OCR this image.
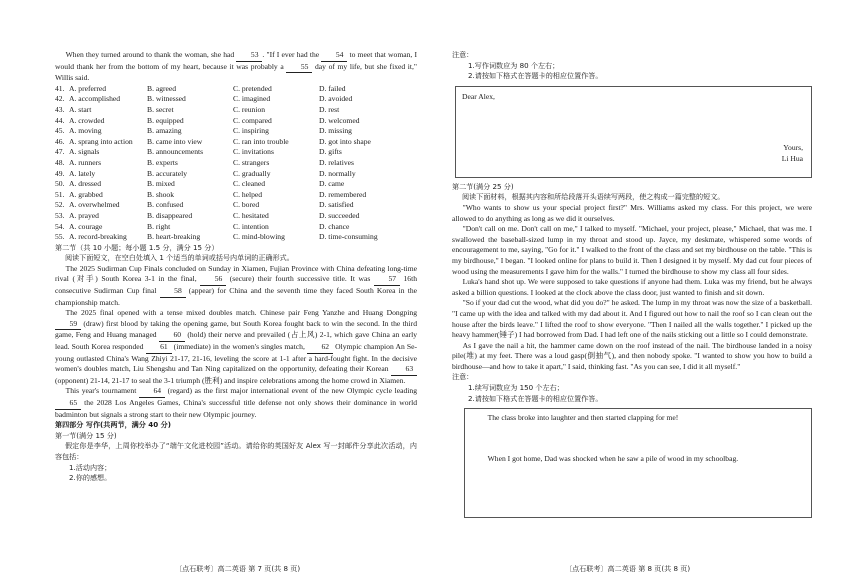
When they turned around to thank the woman, she had 53 . "If I ever had the 54 to meet that woman, I would thank her from the bottom of my heart, because it was probably a 55 day of my life, but she fixed it," Willis said.

41. A. preferred	B. agreed	C. pretended	D. failed
42. A. accomplished	B. witnessed	C. imagined	D. avoided
43. A. start	B. secret	C. reunion	D. rest
44. A. crowded	B. equipped	C. compared	D. welcomed
45. A. moving	B. amazing	C. inspiring	D. missing
46. A. sprang into action	B. came into view	C. ran into trouble	D. got into shape
47. A. signals	B. announcements	C. invitations	D. gifts
48. A. runners	B. experts	C. strangers	D. relatives
49. A. lately	B. accurately	C. gradually	D. normally
50. A. dressed	B. mixed	C. cleaned	D. came
51. A. grabbed	B. shook	C. helped	D. remembered
52. A. overwhelmed	B. confused	C. bored	D. satisfied
53. A. prayed	B. disappeared	C. hesitated	D. succeeded
54. A. courage	B. right	C. intention	D. chance
55. A. record-breaking	B. heart-breaking	C. mind-blowing	D. time-consuming

第二节（共 10 小题；每小题 1.5 分，满分 15 分）

阅读下面短文，在空白处填入 1 个适当的单词或括号内单词的正确形式。

The 2025 Sudirman Cup Finals concluded on Sunday in Xiamen, Fujian Province with China defeating long-time rival (对手) South Korea 3-1 in the final, 56 (secure) their fourth successive title. It was 57 16th consecutive Sudirman Cup final 58 (appear) for China and the seventh time they faced South Korea in the championship match.

The 2025 final opened with a tense mixed doubles match. Chinese pair Feng Yanzhe and Huang Dongping 59 (draw) first blood by taking the opening game, but South Korea fought back to win the second. In the third game, Feng and Huang managed 60 (hold) their nerve and prevailed (占上风) 2-1, which gave China an early lead. South Korea responded 61 (immediate) in the women's singles match, 62 Olympic champion An Se-young outlasted China's Wang Zhiyi 21-17, 21-16, leveling the score at 1-1 after a hard-fought fight. In the decisive women's doubles match, Liu Shengshu and Tan Ning capitalized on the opportunity, defeating their Korean 63 (opponent) 21-14, 21-17 to seal the 3-1 triumph (胜利) and inspire celebrations among the home crowd in Xiamen.

This year's tournament 64 (regard) as the first major international event of the new Olympic cycle leading 65 the 2028 Los Angeles Games, China's successful title defense not only shows their dominance in world badminton but signals a strong start to their new Olympic journey.

第四部分 写作(共两节，满分 40 分)

第一节(满分 15 分)

假定你是李华，上周你校举办了“端午文化进校园”活动。请给你的英国好友 Alex 写一封邮件分享此次活动，内容包括：

1.活动内容；

2.你的感想。

注意：

1.写作词数应为 80 个左右；

2.请按如下格式在答题卡的相应位置作答。

Dear Alex,

Yours,

Li Hua

第二节(满分 25 分)

阅读下面材料，根据其内容和所给段落开头语续写两段，使之构成一篇完整的短文。

"Who wants to show us your special project first?" Mrs. Williams asked my class. For this project, we were allowed to do anything as long as we did it ourselves.

"Don't call on me. Don't call on me," I talked to myself. "Michael, your project, please," Michael, that was me. I swallowed the baseball-sized lump in my throat and stood up. Jayce, my deskmate, whispered some words of encouragement to me, saying, "Go for it." I walked to the front of the class and set my birdhouse on the table. "This is my birdhouse," I began. "I looked online for plans to build it. Then I designed it by myself. My dad cut four pieces of wood using the measurements I gave him for the walls." I turned the birdhouse to show my class all four sides.

Luka's hand shot up. We were supposed to take questions if anyone had them. Luka was my friend, but he always asked a billion questions. I looked at the clock above the class door, just wanted to finish and sit down.

"So if your dad cut the wood, what did you do?" he asked. The lump in my throat was now the size of a basketball. "I came up with the idea and talked with my dad about it. And I figured out how to nail the roof so I can clean out the house after the birds leave." I lifted the roof to show everyone. "Then I nailed all the walls together." I picked up the heavy hammer(锤子) I had borrowed from Dad. I had left one of the nails sticking out a little so I could demonstrate.

As I gave the nail a hit, the hammer came down on the roof instead of the nail. The birdhouse landed in a noisy pile(堆) at my feet. There was a loud gasp(倒抽气), and then nobody spoke. "I wanted to show you how to build a birdhouse—and how to take it apart," I said, thinking fast. "As you can see, I did it all myself."

注意：

1.续写词数应为 150 个左右；

2.请按如下格式在答题卡的相应位置作答。

The class broke into laughter and then started clapping for me!

When I got home, Dad was shocked when he saw a pile of wood in my schoolbag.

〔点石联考〕高二英语 第 7 页(共 8 页)	〔点石联考〕高二英语 第 8 页(共 8 页)
